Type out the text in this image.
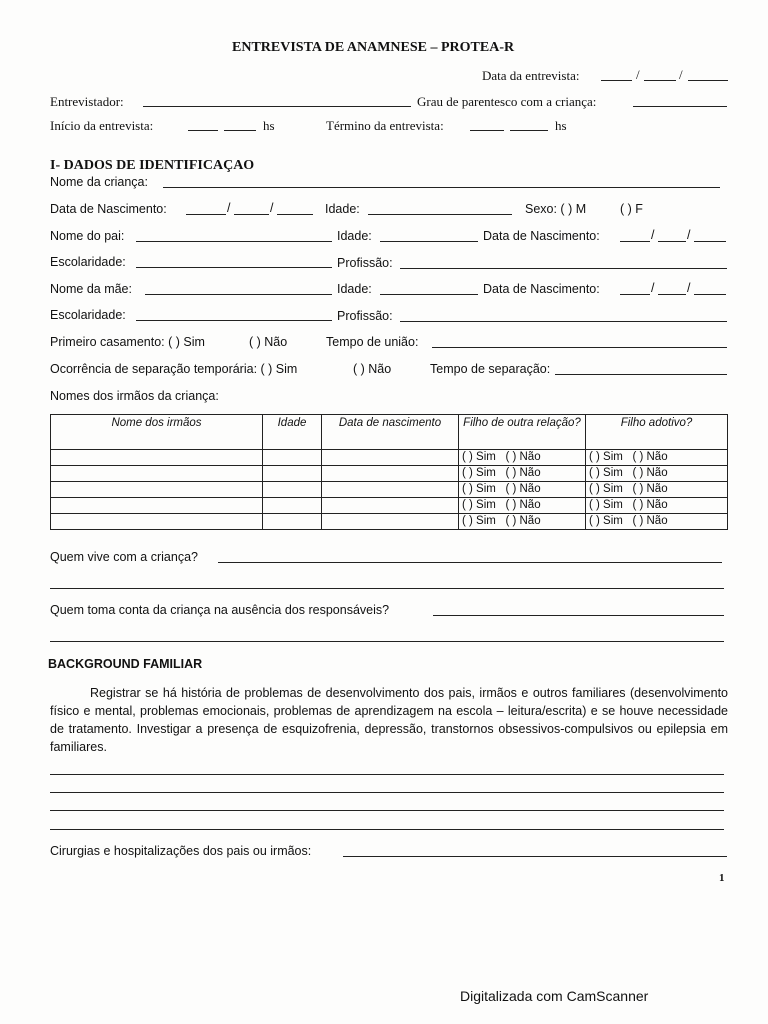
ENTREVISTA DE ANAMNESE – PROTEA-R
Data da entrevista:	/	/
Entrevistador:	Grau de parentesco com a criança:
Início da entrevista:	hs	Término da entrevista:	hs
I- DADOS DE IDENTIFICAÇAO
Nome da criança:
Data de Nascimento:	/	/	Idade:	Sexo: ( ) M	( ) F
Nome do pai:	Idade:	Data de Nascimento:	/	/
Escolaridade:	Profissão:
Nome da mãe:	Idade:	Data de Nascimento:	/	/
Escolaridade:	Profissão:
Primeiro casamento: ( ) Sim	( ) Não	Tempo de união:
Ocorrência de separação temporária: ( ) Sim	( ) Não	Tempo de separação:
Nomes dos irmãos da criança:
Nome dos irmãos	Idade	Data de nascimento	Filho de outra relação?	Filho adotivo?
			( ) Sim ( ) Não	( ) Sim ( ) Não
			( ) Sim ( ) Não	( ) Sim ( ) Não
			( ) Sim ( ) Não	( ) Sim ( ) Não
			( ) Sim ( ) Não	( ) Sim ( ) Não
			( ) Sim ( ) Não	( ) Sim ( ) Não
Quem vive com a criança?
Quem toma conta da criança na ausência dos responsáveis?
BACKGROUND FAMILIAR
Registrar se há história de problemas de desenvolvimento dos pais, irmãos e outros familiares (desenvolvimento físico e mental, problemas emocionais, problemas de aprendizagem na escola – leitura/escrita) e se houve necessidade de tratamento. Investigar a presença de esquizofrenia, depressão, transtornos obsessivos-compulsivos ou epilepsia em familiares.
Cirurgias e hospitalizações dos pais ou irmãos:
1
Digitalizada com CamScanner
